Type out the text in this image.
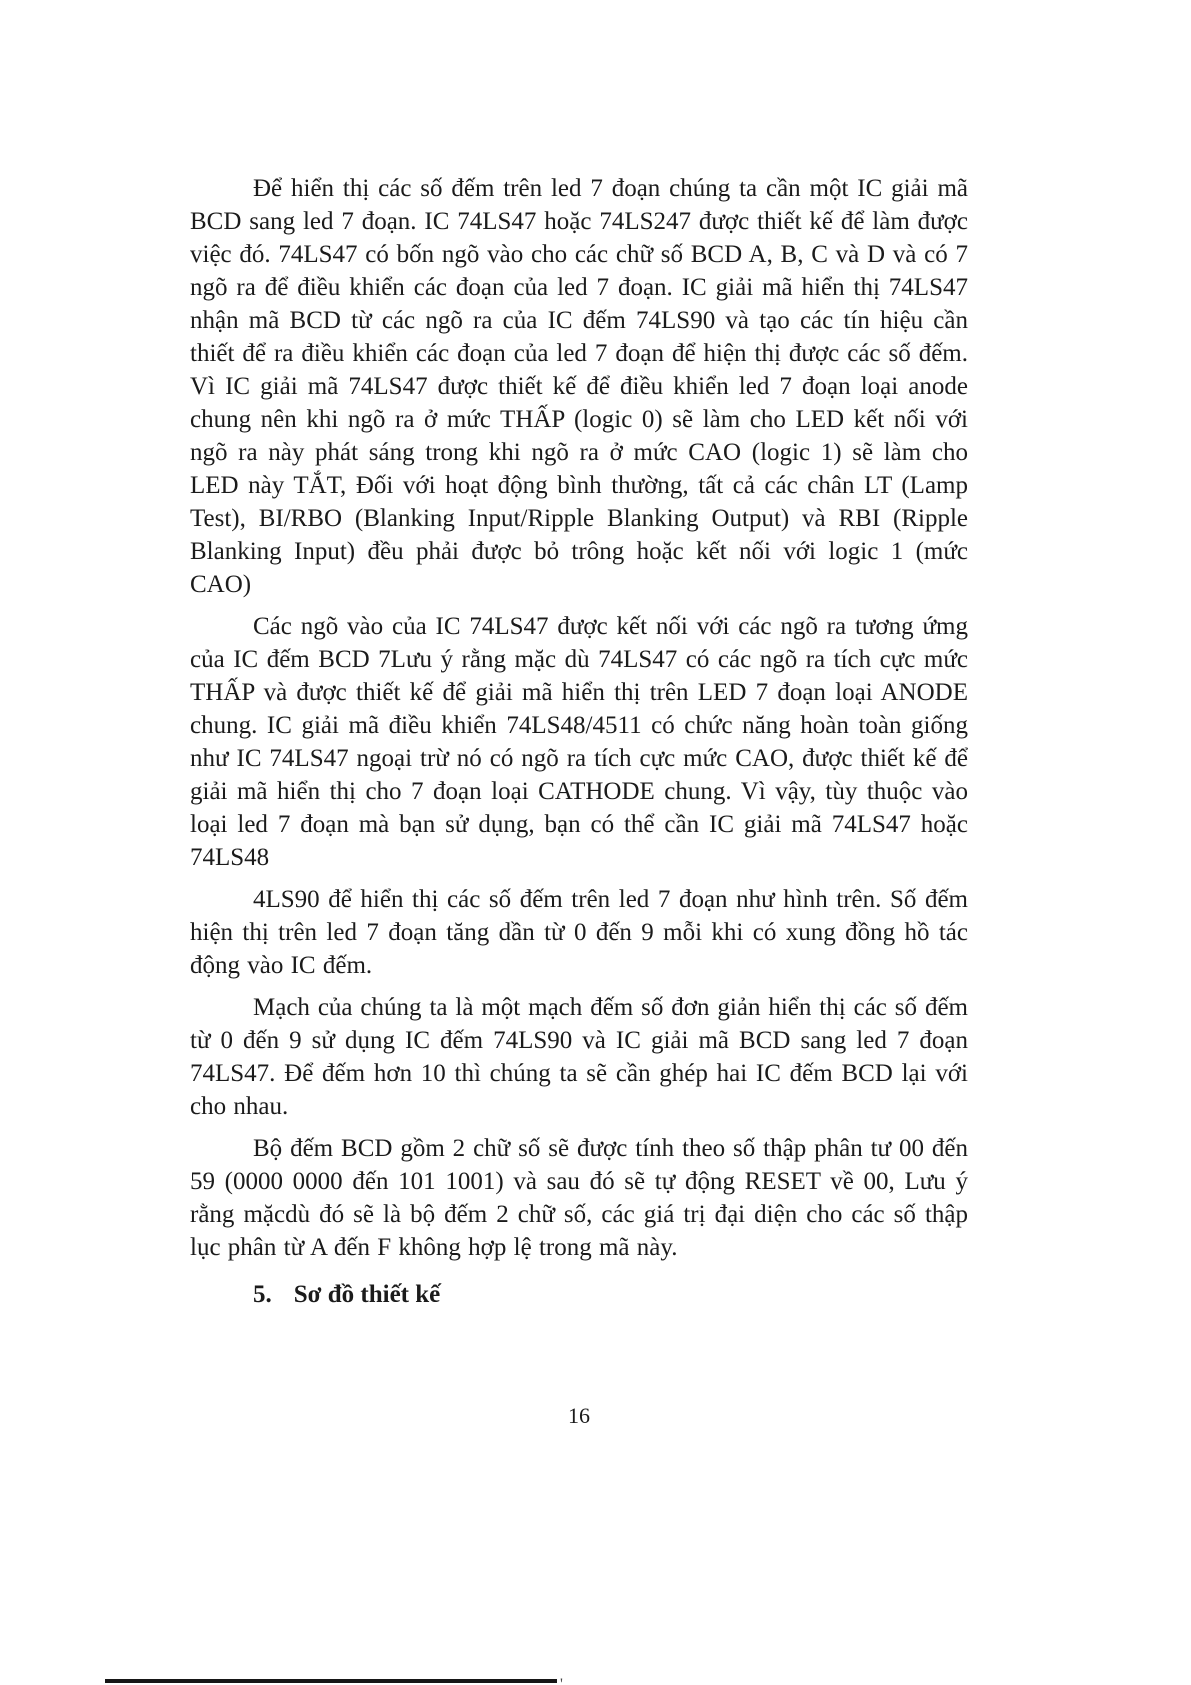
Để hiển thị các số đếm trên led 7 đoạn chúng ta cần một IC giải mã BCD sang led 7 đoạn. IC 74LS47 hoặc 74LS247 được thiết kế để làm được việc đó. 74LS47 có bốn ngõ vào cho các chữ số BCD A, B, C và D và có 7 ngõ ra để điều khiển các đoạn của led 7 đoạn. IC giải mã hiển thị 74LS47 nhận mã BCD từ các ngõ ra của IC đếm 74LS90 và tạo các tín hiệu cần thiết để ra điều khiển các đoạn của led 7 đoạn để hiện thị được các số đếm. Vì IC giải mã 74LS47 được thiết kế để điều khiển led 7 đoạn loại anode chung nên khi ngõ ra ở mức THẤP (logic 0) sẽ làm cho LED kết nối với ngõ ra này phát sáng trong khi ngõ ra ở mức CAO (logic 1) sẽ làm cho LED này TẮT, Đối với hoạt động bình thường, tất cả các chân LT (Lamp Test), BI/RBO (Blanking Input/Ripple Blanking Output) và RBI (Ripple Blanking Input) đều phải được bỏ trông hoặc kết nối với logic 1 (mức CAO)

Các ngõ vào của IC 74LS47 được kết nối với các ngõ ra tương ứmg của IC đếm BCD 7Lưu ý rằng mặc dù 74LS47 có các ngõ ra tích cực mức THẤP và được thiết kế để giải mã hiển thị trên LED 7 đoạn loại ANODE chung. IC giải mã điều khiển 74LS48/4511 có chức năng hoàn toàn giống như IC 74LS47 ngoại trừ nó có ngõ ra tích cực mức CAO, được thiết kế để giải mã hiển thị cho 7 đoạn loại CATHODE chung. Vì vậy, tùy thuộc vào loại led 7 đoạn mà bạn sử dụng, bạn có thể cần IC giải mã 74LS47 hoặc 74LS48

4LS90 để hiển thị các số đếm trên led 7 đoạn như hình trên. Số đếm hiện thị trên led 7 đoạn tăng dần từ 0 đến 9 mỗi khi có xung đồng hồ tác động vào IC đếm.

Mạch của chúng ta là một mạch đếm số đơn giản hiển thị các số đếm từ 0 đến 9 sử dụng IC đếm 74LS90 và IC giải mã BCD sang led 7 đoạn 74LS47. Để đếm hơn 10 thì chúng ta sẽ cần ghép hai IC đếm BCD lại với cho nhau.

Bộ đếm BCD gồm 2 chữ số sẽ được tính theo số thập phân tư 00 đến 59 (0000 0000 đến 101 1001) và sau đó sẽ tự động RESET về 00, Lưu ý rằng mặcdù đó sẽ là bộ đếm 2 chữ số, các giá trị đại diện cho các số thập lục phân từ A đến F không hợp lệ trong mã này.

5. Sơ đồ thiết kế
16
'
